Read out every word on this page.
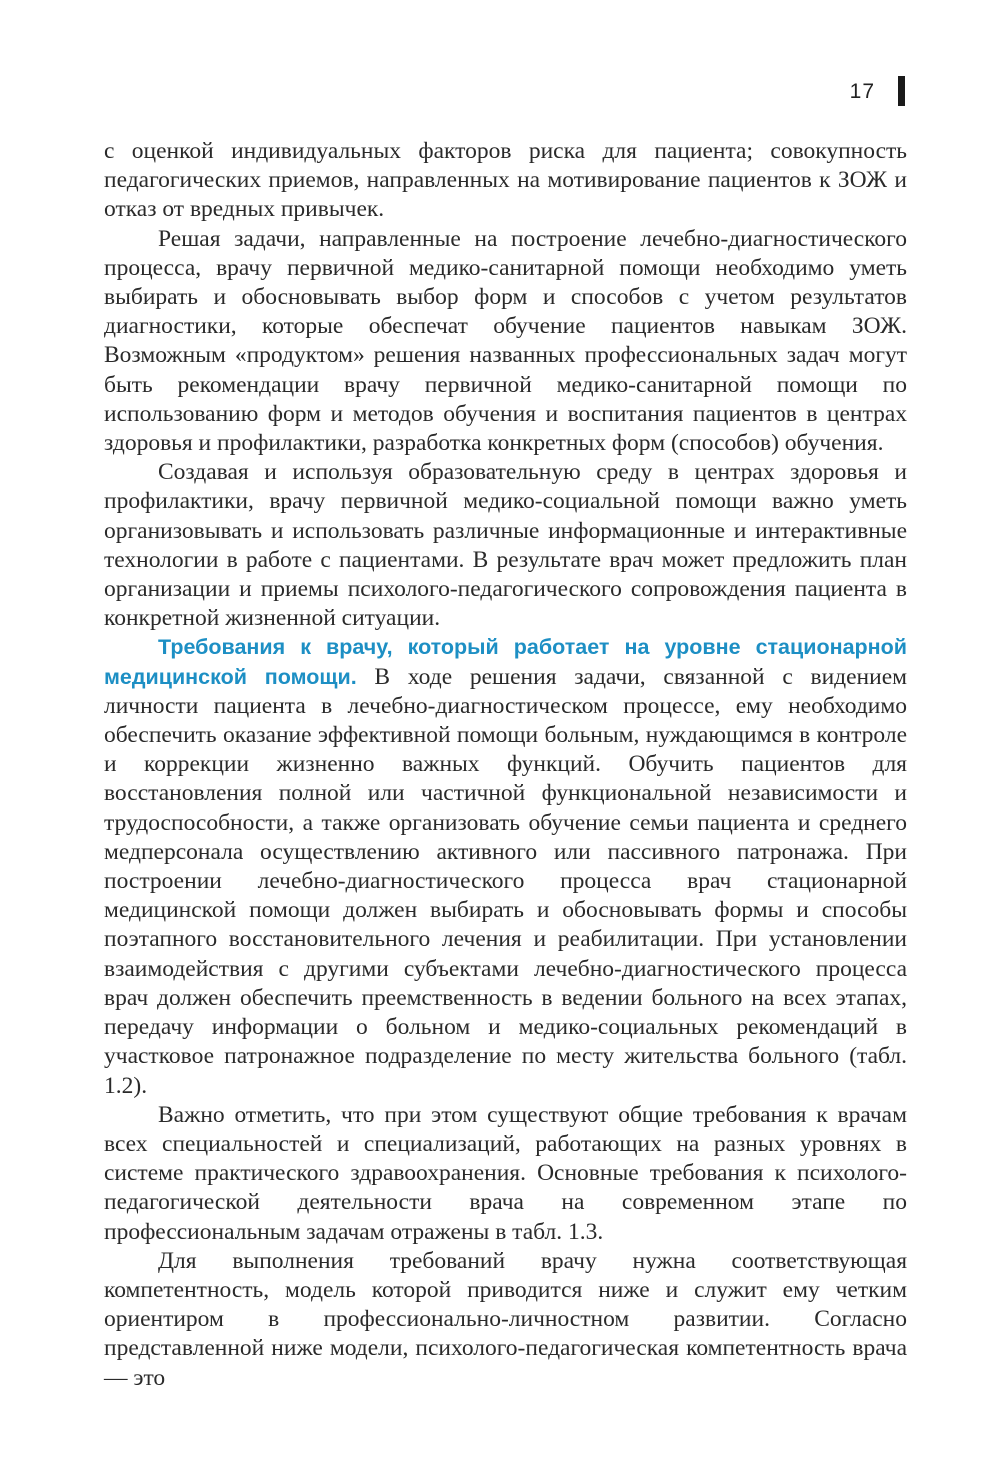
17

с оценкой индивидуальных факторов риска для пациента; совокупность педагогических приемов, направленных на мотивирование пациентов к ЗОЖ и отказ от вредных привычек.

Решая задачи, направленные на построение лечебно-диагностического процесса, врачу первичной медико-санитарной помощи необходимо уметь выбирать и обосновывать выбор форм и способов с учетом результатов диагностики, которые обеспечат обучение пациентов навыкам ЗОЖ. Возможным «продуктом» решения названных профессиональных задач могут быть рекомендации врачу первичной медико-санитарной помощи по использованию форм и методов обучения и воспитания пациентов в центрах здоровья и профилактики, разработка конкретных форм (способов) обучения.

Создавая и используя образовательную среду в центрах здоровья и профилактики, врачу первичной медико-социальной помощи важно уметь организовывать и использовать различные информационные и интерактивные технологии в работе с пациентами. В результате врач может предложить план организации и приемы психолого-педагогического сопровождения пациента в конкретной жизненной ситуации.

Требования к врачу, который работает на уровне стационарной медицинской помощи. В ходе решения задачи, связанной с видением личности пациента в лечебно-диагностическом процессе, ему необходимо обеспечить оказание эффективной помощи больным, нуждающимся в контроле и коррекции жизненно важных функций. Обучить пациентов для восстановления полной или частичной функциональной независимости и трудоспособности, а также организовать обучение семьи пациента и среднего медперсонала осуществлению активного или пассивного патронажа. При построении лечебно-диагностического процесса врач стационарной медицинской помощи должен выбирать и обосновывать формы и способы поэтапного восстановительного лечения и реабилитации. При установлении взаимодействия с другими субъектами лечебно-диагностического процесса врач должен обеспечить преемственность в ведении больного на всех этапах, передачу информации о больном и медико-социальных рекомендаций в участковое патронажное подразделение по месту жительства больного (табл. 1.2).

Важно отметить, что при этом существуют общие требования к врачам всех специальностей и специализаций, работающих на разных уровнях в системе практического здравоохранения. Основные требования к психолого-педагогической деятельности врача на современном этапе по профессиональным задачам отражены в табл. 1.3.

Для выполнения требований врачу нужна соответствующая компетентность, модель которой приводится ниже и служит ему четким ориентиром в профессионально-личностном развитии. Согласно представленной ниже модели, психолого-педагогическая компетентность врача — это
